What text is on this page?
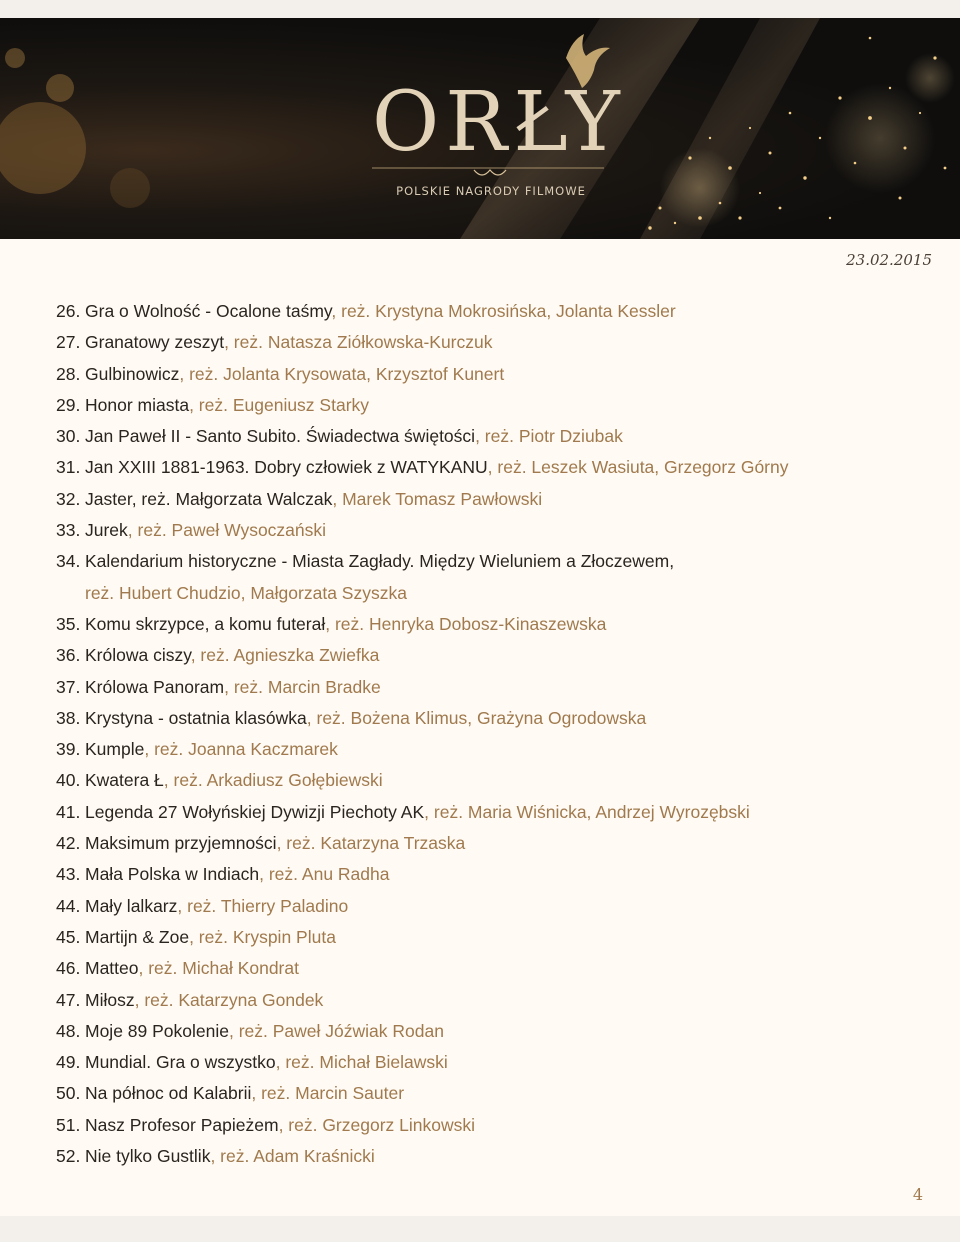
ORŁY
POLSKIE NAGRODY FILMOWE
23.02.2015
26. Gra o Wolność - Ocalone taśmy, reż. Krystyna Mokrosińska, Jolanta Kessler
27. Granatowy zeszyt, reż. Natasza Ziółkowska-Kurczuk
28. Gulbinowicz, reż. Jolanta Krysowata, Krzysztof Kunert
29. Honor miasta, reż. Eugeniusz Starky
30. Jan Paweł II - Santo Subito. Świadectwa świętości, reż. Piotr Dziubak
31. Jan XXIII 1881-1963. Dobry człowiek z WATYKANU, reż. Leszek Wasiuta, Grzegorz Górny
32. Jaster, reż. Małgorzata Walczak, Marek Tomasz Pawłowski
33. Jurek, reż. Paweł Wysoczański
34. Kalendarium historyczne - Miasta Zagłady. Między Wieluniem a Złoczewem,
reż. Hubert Chudzio, Małgorzata Szyszka
35. Komu skrzypce, a komu futerał, reż. Henryka Dobosz-Kinaszewska
36. Królowa ciszy, reż. Agnieszka Zwiefka
37. Królowa Panoram, reż. Marcin Bradke
38. Krystyna - ostatnia klasówka, reż. Bożena Klimus, Grażyna Ogrodowska
39. Kumple, reż. Joanna Kaczmarek
40. Kwatera Ł, reż. Arkadiusz Gołębiewski
41. Legenda 27 Wołyńskiej Dywizji Piechoty AK, reż. Maria Wiśnicka, Andrzej Wyrozębski
42. Maksimum przyjemności, reż. Katarzyna Trzaska
43. Mała Polska w Indiach, reż. Anu Radha
44. Mały lalkarz, reż. Thierry Paladino
45. Martijn & Zoe, reż. Kryspin Pluta
46. Matteo, reż. Michał Kondrat
47. Miłosz, reż. Katarzyna Gondek
48. Moje 89 Pokolenie, reż. Paweł Jóźwiak Rodan
49. Mundial. Gra o wszystko, reż. Michał Bielawski
50. Na północ od Kalabrii, reż. Marcin Sauter
51. Nasz Profesor Papieżem, reż. Grzegorz Linkowski
52. Nie tylko Gustlik, reż. Adam Kraśnicki
4
